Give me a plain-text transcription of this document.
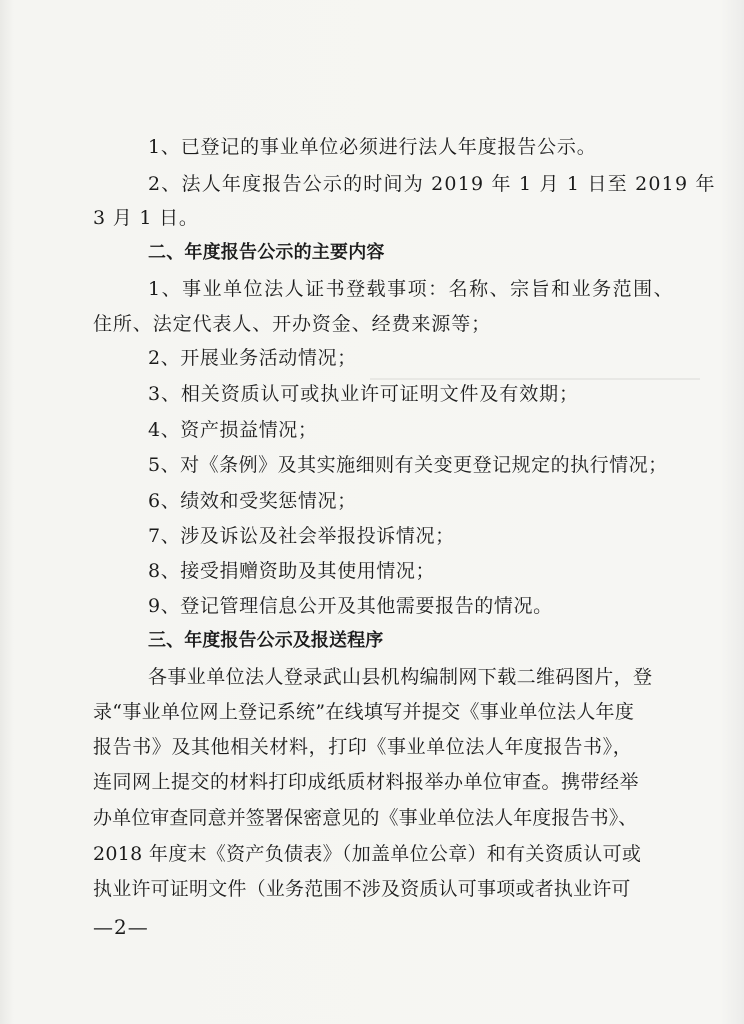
1、已登记的事业单位必须进行法人年度报告公示。
2、法人年度报告公示的时间为 2019 年 1 月 1 日至 2019 年
3 月 1 日。
二、年度报告公示的主要内容
1、事业单位法人证书登载事项：名称、宗旨和业务范围、
住所、法定代表人、开办资金、经费来源等；
2、开展业务活动情况；
3、相关资质认可或执业许可证明文件及有效期；
4、资产损益情况；
5、对《条例》及其实施细则有关变更登记规定的执行情况；
6、绩效和受奖惩情况；
7、涉及诉讼及社会举报投诉情况；
8、接受捐赠资助及其使用情况；
9、登记管理信息公开及其他需要报告的情况。
三、年度报告公示及报送程序
各事业单位法人登录武山县机构编制网下载二维码图片，登
录“事业单位网上登记系统”在线填写并提交《事业单位法人年度
报告书》及其他相关材料，打印《事业单位法人年度报告书》，
连同网上提交的材料打印成纸质材料报举办单位审查。携带经举
办单位审查同意并签署保密意见的《事业单位法人年度报告书》、
2018 年度末《资产负债表》（加盖单位公章）和有关资质认可或
执业许可证明文件（业务范围不涉及资质认可事项或者执业许可
—2—
